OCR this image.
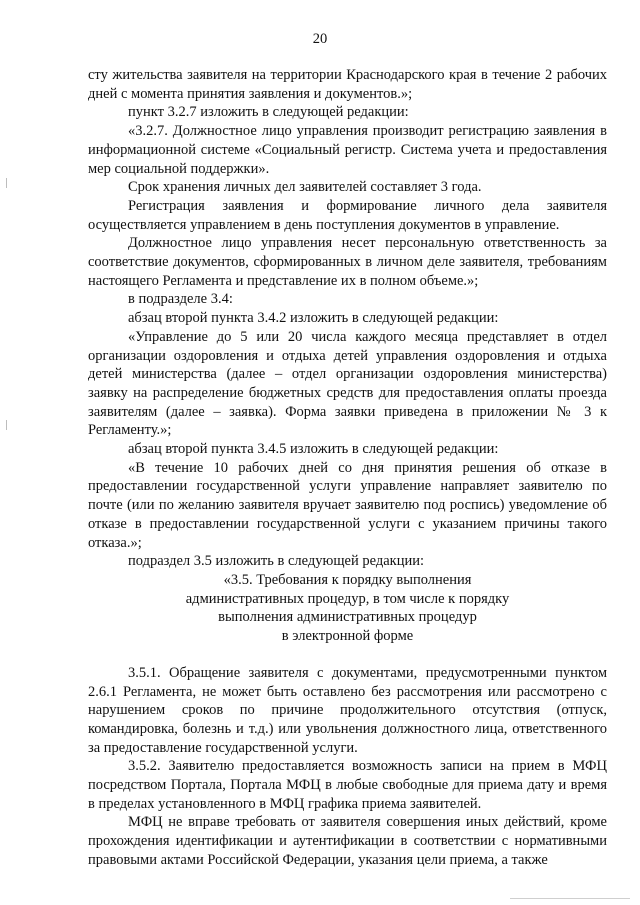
20

сту жительства заявителя на территории Краснодарского края в течение 2 рабочих дней с момента принятия заявления и документов.»;

пункт 3.2.7 изложить в следующей редакции:

«3.2.7. Должностное лицо управления производит регистрацию заявления в информационной системе «Социальный регистр. Система учета и предоставления мер социальной поддержки».

Срок хранения личных дел заявителей составляет 3 года.

Регистрация заявления и формирование личного дела заявителя осуществляется управлением в день поступления документов в управление.

Должностное лицо управления несет персональную ответственность за соответствие документов, сформированных в личном деле заявителя, требованиям настоящего Регламента и представление их в полном объеме.»;

в подразделе 3.4:

абзац второй пункта 3.4.2 изложить в следующей редакции:

«Управление до 5 или 20 числа каждого месяца представляет в отдел организации оздоровления и отдыха детей управления оздоровления и отдыха детей министерства (далее – отдел организации оздоровления министерства) заявку на распределение бюджетных средств для предоставления оплаты проезда заявителям (далее – заявка). Форма заявки приведена в приложении № 3 к Регламенту.»;

абзац второй пункта 3.4.5 изложить в следующей редакции:

«В течение 10 рабочих дней со дня принятия решения об отказе в предоставлении государственной услуги управление направляет заявителю по почте (или по желанию заявителя вручает заявителю под роспись) уведомление об отказе в предоставлении государственной услуги с указанием причины такого отказа.»;

подраздел 3.5 изложить в следующей редакции:

«3.5. Требования к порядку выполнения

административных процедур, в том числе к порядку

выполнения административных процедур

в электронной форме

3.5.1. Обращение заявителя с документами, предусмотренными пунктом 2.6.1 Регламента, не может быть оставлено без рассмотрения или рассмотрено с нарушением сроков по причине продолжительного отсутствия (отпуск, командировка, болезнь и т.д.) или увольнения должностного лица, ответственного за предоставление государственной услуги.

3.5.2. Заявителю предоставляется возможность записи на прием в МФЦ посредством Портала, Портала МФЦ в любые свободные для приема дату и время в пределах установленного в МФЦ графика приема заявителей.

МФЦ не вправе требовать от заявителя совершения иных действий, кроме прохождения идентификации и аутентификации в соответствии с нормативными правовыми актами Российской Федерации, указания цели приема, а также
